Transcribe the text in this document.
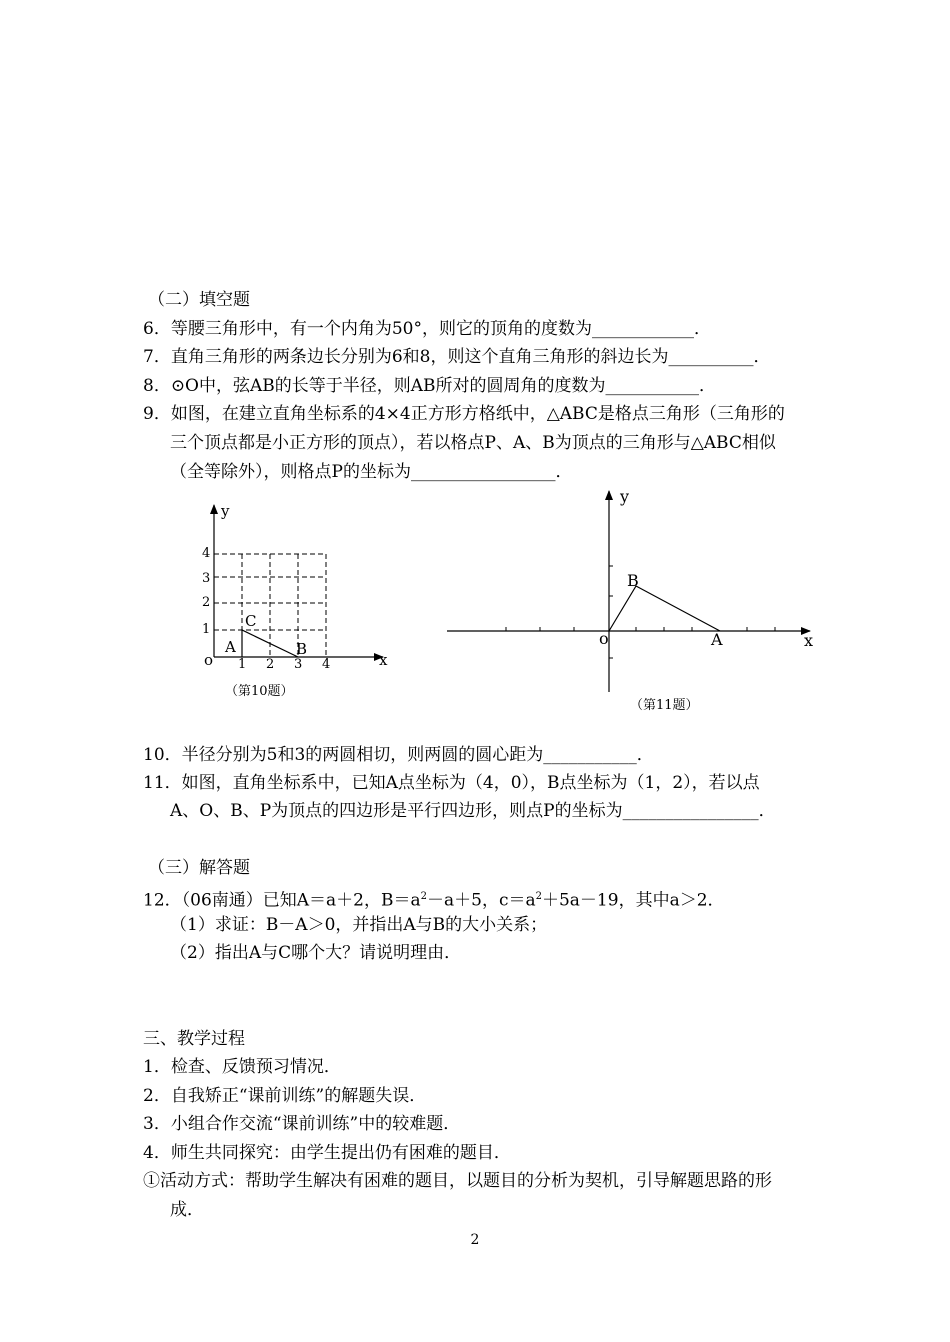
（二）填空题
6．等腰三角形中，有一个内角为50°，则它的顶角的度数为____________．
7．直角三角形的两条边长分别为6和8，则这个直角三角形的斜边长为__________．
8．⊙O中，弦AB的长等于半径，则AB所对的圆周角的度数为___________．
9．如图，在建立直角坐标系的4×4正方形方格纸中，△ABC是格点三角形（三角形的
三个顶点都是小正方形的顶点），若以格点P、A、B为顶点的三角形与△ABC相似
（全等除外），则格点P的坐标为_________________．
y
x
o
A	B
C
4
3
2
1
1 2 3 4
（第10题）
y
x
o	A
B
（第11题）
10．半径分别为5和3的两圆相切，则两圆的圆心距为___________．
11．如图，直角坐标系中，已知A点坐标为（4，0），B点坐标为（1，2），若以点
A、O、B、P为顶点的四边形是平行四边形，则点P的坐标为________________．
（三）解答题
12．（06南通）已知A＝a＋2，$B=a^2-a+5$，$c=a^2+5a-19$，其中a＞2．
（1）求证：B－A＞0，并指出A与B的大小关系；
（2）指出A与C哪个大？请说明理由．
三、教学过程
1．检查、反馈预习情况．
2．自我矫正“课前训练”的解题失误．
3．小组合作交流“课前训练”中的较难题．
4．师生共同探究：由学生提出仍有困难的题目．
①活动方式：帮助学生解决有困难的题目，以题目的分析为契机，引导解题思路的形
成．
2
